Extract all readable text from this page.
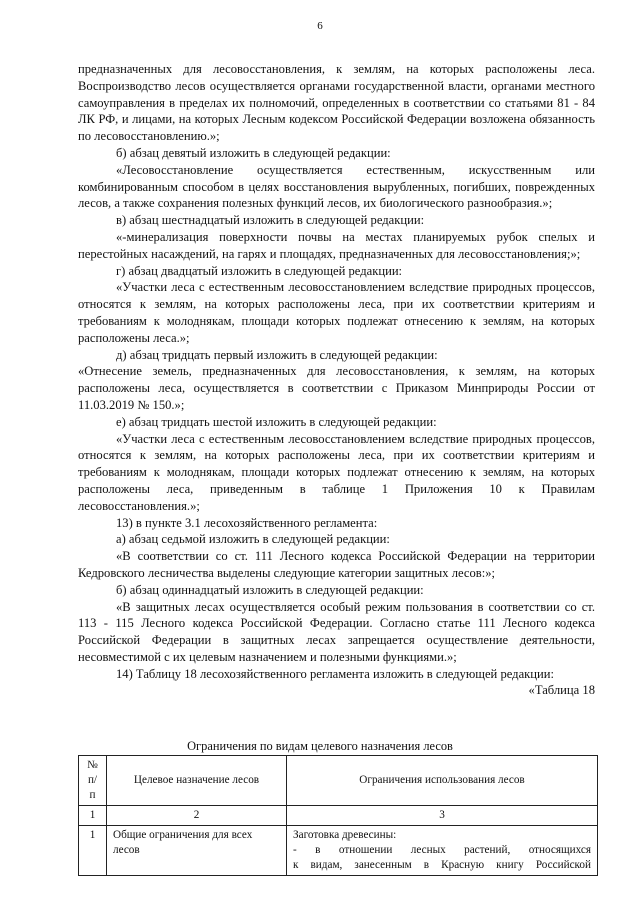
6

предназначенных для лесовосстановления, к землям, на которых расположены леса. Воспроизводство лесов осуществляется органами государственной власти, органами местного самоуправления в пределах их полномочий, определенных в соответствии со статьями 81 - 84 ЛК РФ, и лицами, на которых Лесным кодексом Российской Федерации возложена обязанность по лесовосстановлению.»;

б) абзац девятый изложить в следующей редакции:

«Лесовосстановление осуществляется естественным, искусственным или комбинированным способом в целях восстановления вырубленных, погибших, поврежденных лесов, а также сохранения полезных функций лесов, их биологического разнообразия.»;

в) абзац шестнадцатый изложить в следующей редакции:

«-минерализация поверхности почвы на местах планируемых рубок спелых и перестойных насаждений, на гарях и площадях, предназначенных для лесовосстановления;»;

г) абзац двадцатый изложить в следующей редакции:

«Участки леса с естественным лесовосстановлением вследствие природных процессов, относятся к землям, на которых расположены леса, при их соответствии критериям и требованиям к молоднякам, площади которых подлежат отнесению к землям, на которых расположены леса.»;

д) абзац тридцать первый изложить в следующей редакции:

«Отнесение земель, предназначенных для лесовосстановления, к землям, на которых расположены леса, осуществляется в соответствии с Приказом Минприроды России от 11.03.2019 № 150.»;

е) абзац тридцать шестой изложить в следующей редакции:

«Участки леса с естественным лесовосстановлением вследствие природных процессов, относятся к землям, на которых расположены леса, при их соответствии критериям и требованиям к молоднякам, площади которых подлежат отнесению к землям, на которых расположены леса, приведенным в таблице 1 Приложения 10 к Правилам лесовосстановления.»;

13) в пункте 3.1 лесохозяйственного регламента:

а) абзац седьмой изложить в следующей редакции:

«В соответствии со ст. 111 Лесного кодекса Российской Федерации на территории Кедровского лесничества выделены следующие категории защитных лесов:»;

б) абзац одиннадцатый изложить в следующей редакции:

«В защитных лесах осуществляется особый режим пользования в соответствии со ст. 113 - 115 Лесного кодекса Российской Федерации. Согласно статье 111 Лесного кодекса Российской Федерации в защитных лесах запрещается осуществление деятельности, несовместимой с их целевым назначением и полезными функциями.»;

14) Таблицу 18 лесохозяйственного регламента изложить в следующей редакции:

«Таблица 18

Ограничения по видам целевого назначения лесов
№ п/п	Целевое назначение лесов	Ограничения использования лесов
1	2	3
1	Общие ограничения для всех лесов	Заготовка древесины:
- в отношении лесных растений, относящихся
к видам, занесенным в Красную книгу Российской
